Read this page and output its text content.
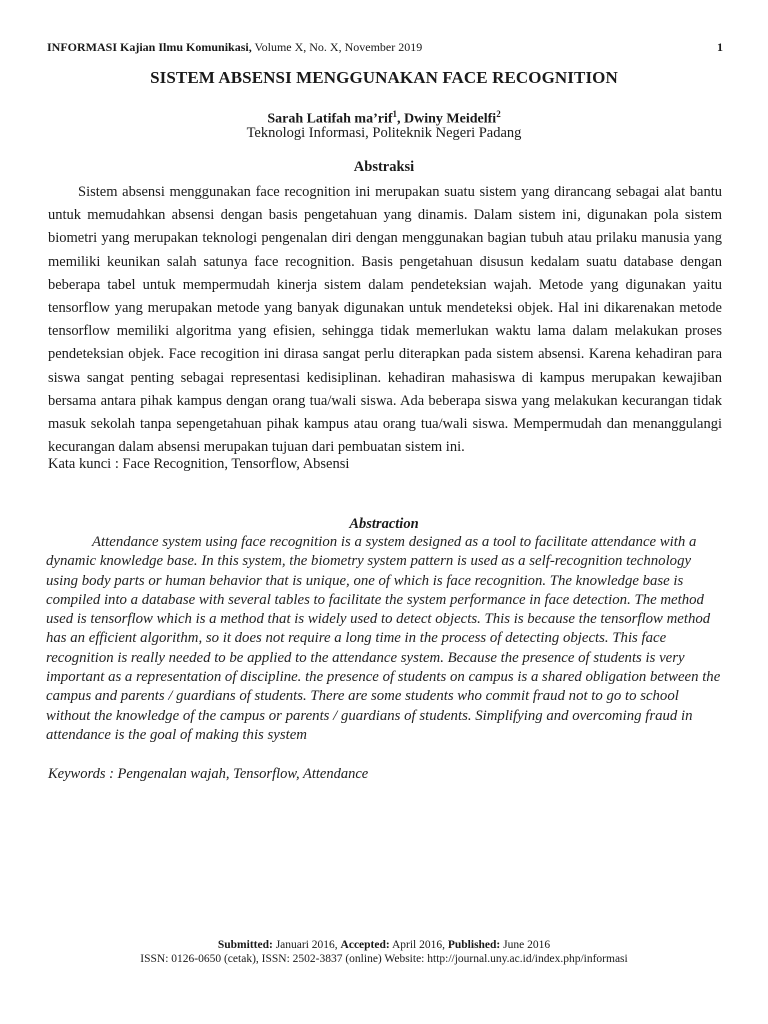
INFORMASI Kajian Ilmu Komunikasi, Volume X, No. X, November 2019	1
SISTEM ABSENSI MENGGUNAKAN FACE RECOGNITION
Sarah Latifah ma’rif$^1$, Dwiny Meidelfi$^2$
Teknologi Informasi, Politeknik Negeri Padang
Abstraksi

Sistem absensi menggunakan face recognition ini merupakan suatu sistem yang dirancang sebagai alat bantu untuk memudahkan absensi dengan basis pengetahuan yang dinamis. Dalam sistem ini, digunakan pola sistem biometri yang merupakan teknologi pengenalan diri dengan menggunakan bagian tubuh atau prilaku manusia yang memiliki keunikan salah satunya face recognition. Basis pengetahuan disusun kedalam suatu database dengan beberapa tabel untuk mempermudah kinerja sistem dalam pendeteksian wajah. Metode yang digunakan yaitu tensorflow yang merupakan metode yang banyak digunakan untuk mendeteksi objek. Hal ini dikarenakan metode tensorflow memiliki algoritma yang efisien, sehingga tidak memerlukan waktu lama dalam melakukan proses pendeteksian objek. Face recogition ini dirasa sangat perlu diterapkan pada sistem absensi. Karena kehadiran para siswa sangat penting sebagai representasi kedisiplinan. kehadiran mahasiswa di kampus merupakan kewajiban bersama antara pihak kampus dengan orang tua/wali siswa. Ada beberapa siswa yang melakukan kecurangan tidak masuk sekolah tanpa sepengetahuan pihak kampus atau orang tua/wali siswa. Mempermudah dan menanggulangi kecurangan dalam absensi merupakan tujuan dari pembuatan sistem ini.

Kata kunci : Face Recognition, Tensorflow, Absensi
Abstraction

Attendance system using face recognition is a system designed as a tool to facilitate attendance with a dynamic knowledge base. In this system, the biometry system pattern is used as a self-recognition technology using body parts or human behavior that is unique, one of which is face recognition. The knowledge base is compiled into a database with several tables to facilitate the system performance in face detection. The method used is tensorflow which is a method that is widely used to detect objects. This is because the tensorflow method has an efficient algorithm, so it does not require a long time in the process of detecting objects. This face recognition is really needed to be applied to the attendance system. Because the presence of students is very important as a representation of discipline. the presence of students on campus is a shared obligation between the campus and parents / guardians of students. There are some students who commit fraud not to go to school without the knowledge of the campus or parents / guardians of students. Simplifying and overcoming fraud in attendance is the goal of making this system

Keywords : Pengenalan wajah, Tensorflow, Attendance
Submitted: Januari 2016, Accepted: April 2016, Published: June 2016
ISSN: 0126-0650 (cetak), ISSN: 2502-3837 (online) Website: http://journal.uny.ac.id/index.php/informasi
